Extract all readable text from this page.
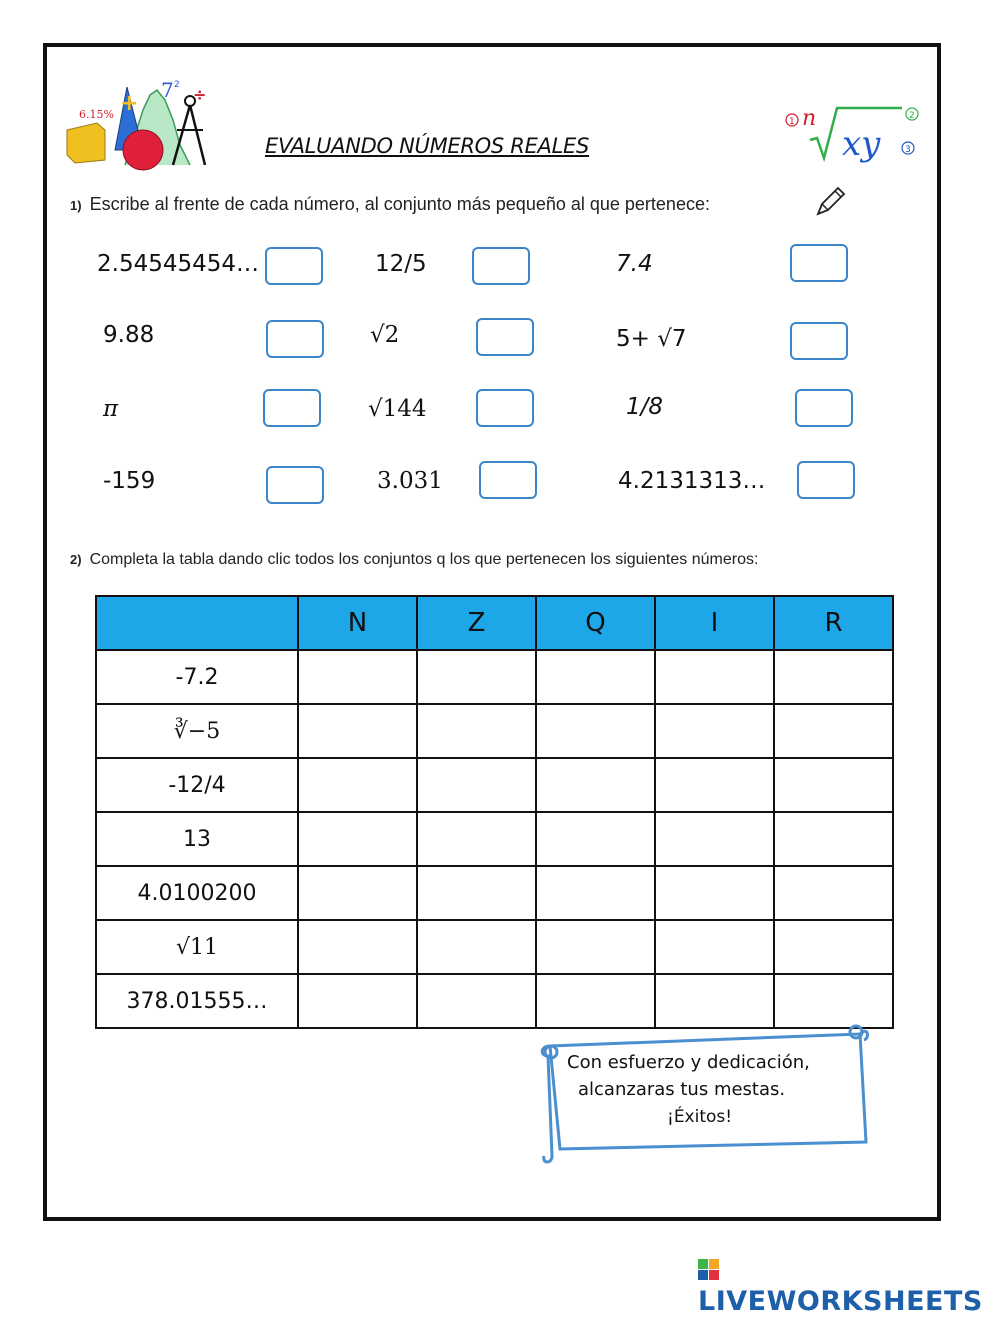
6.15%
7 2
+	÷
EVALUANDO NÚMEROS REALES
1 n
xy
2
3
1) Escribe al frente de cada número, al conjunto más pequeño al que pertenece:
2.54545454…	12/5	7.4
9.88	√2	5+ √7
π	√144	1/8
-159	3.031	4.2131313…
2) Completa la tabla dando clic todos los conjuntos q los que pertenecen los siguientes números:
	N	Z	Q	I	R
-7.2					
∛−5					
-12/4					
13					
4.0100200					
√11					
378.01555…					
Con esfuerzo y dedicación,
alcanzaras tus mestas.
¡Éxitos!
LIVEWORKSHEETS
